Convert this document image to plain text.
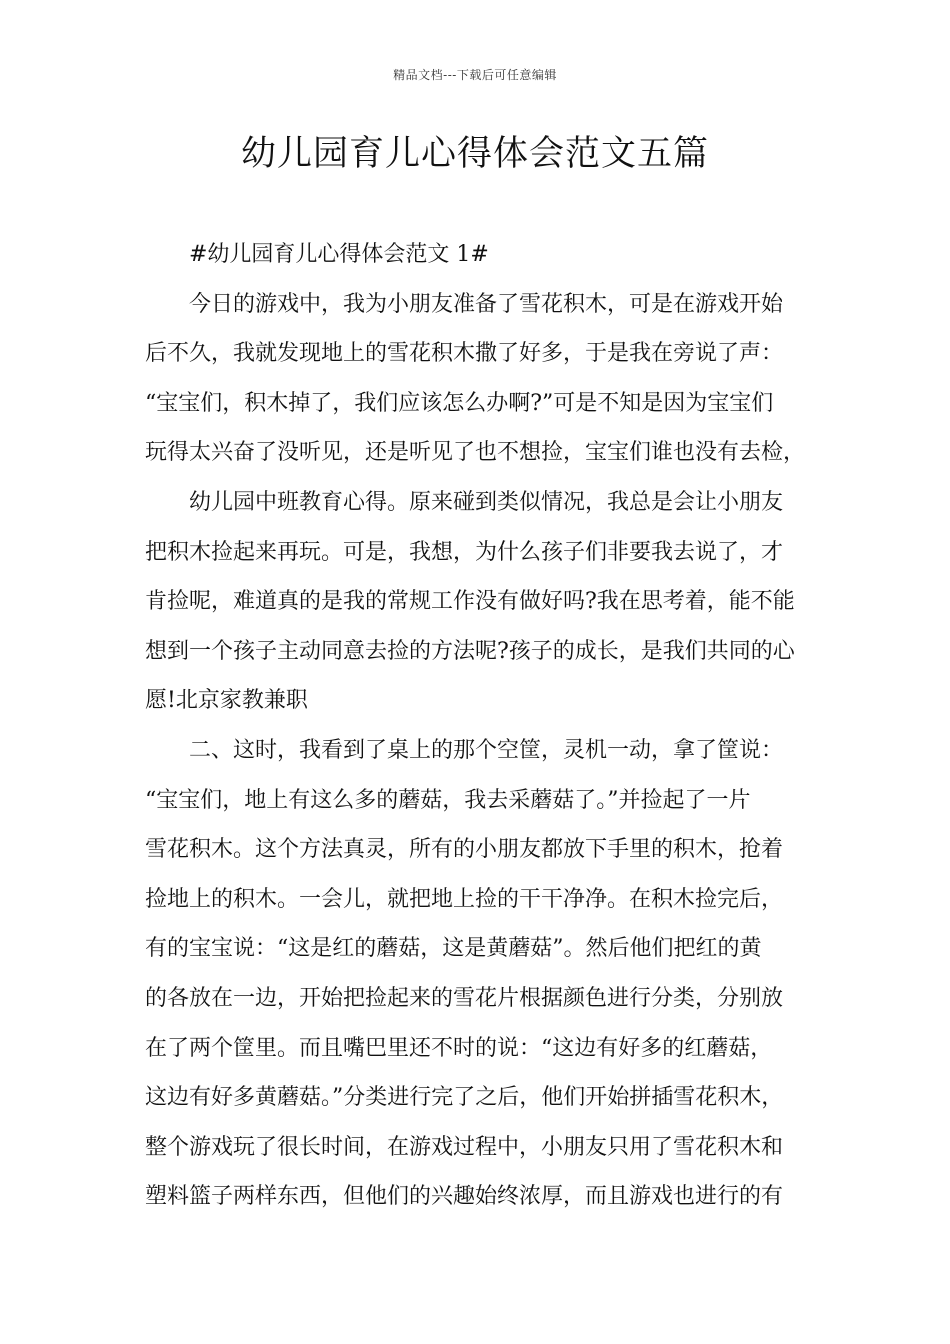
精品文档---下载后可任意编辑
幼儿园育儿心得体会范文五篇
#幼儿园育儿心得体会范文 1#
今日的游戏中，我为小朋友准备了雪花积木，可是在游戏开始
后不久，我就发现地上的雪花积木撒了好多，于是我在旁说了声：
“宝宝们，积木掉了，我们应该怎么办啊?”可是不知是因为宝宝们
玩得太兴奋了没听见，还是听见了也不想捡，宝宝们谁也没有去检，
幼儿园中班教育心得。原来碰到类似情况，我总是会让小朋友
把积木捡起来再玩。可是，我想，为什么孩子们非要我去说了，才
肯捡呢，难道真的是我的常规工作没有做好吗?我在思考着，能不能
想到一个孩子主动同意去捡的方法呢?孩子的成长，是我们共同的心
愿!北京家教兼职
二、这时，我看到了桌上的那个空筐，灵机一动，拿了筐说：
“宝宝们，地上有这么多的蘑菇，我去采蘑菇了。”并捡起了一片
雪花积木。这个方法真灵，所有的小朋友都放下手里的积木，抢着
捡地上的积木。一会儿，就把地上捡的干干净净。在积木捡完后，
有的宝宝说：“这是红的蘑菇，这是黄蘑菇”。然后他们把红的黄
的各放在一边，开始把捡起来的雪花片根据颜色进行分类，分别放
在了两个筐里。而且嘴巴里还不时的说：“这边有好多的红蘑菇，
这边有好多黄蘑菇。”分类进行完了之后，他们开始拼插雪花积木，
整个游戏玩了很长时间，在游戏过程中，小朋友只用了雪花积木和
塑料篮子两样东西，但他们的兴趣始终浓厚，而且游戏也进行的有
